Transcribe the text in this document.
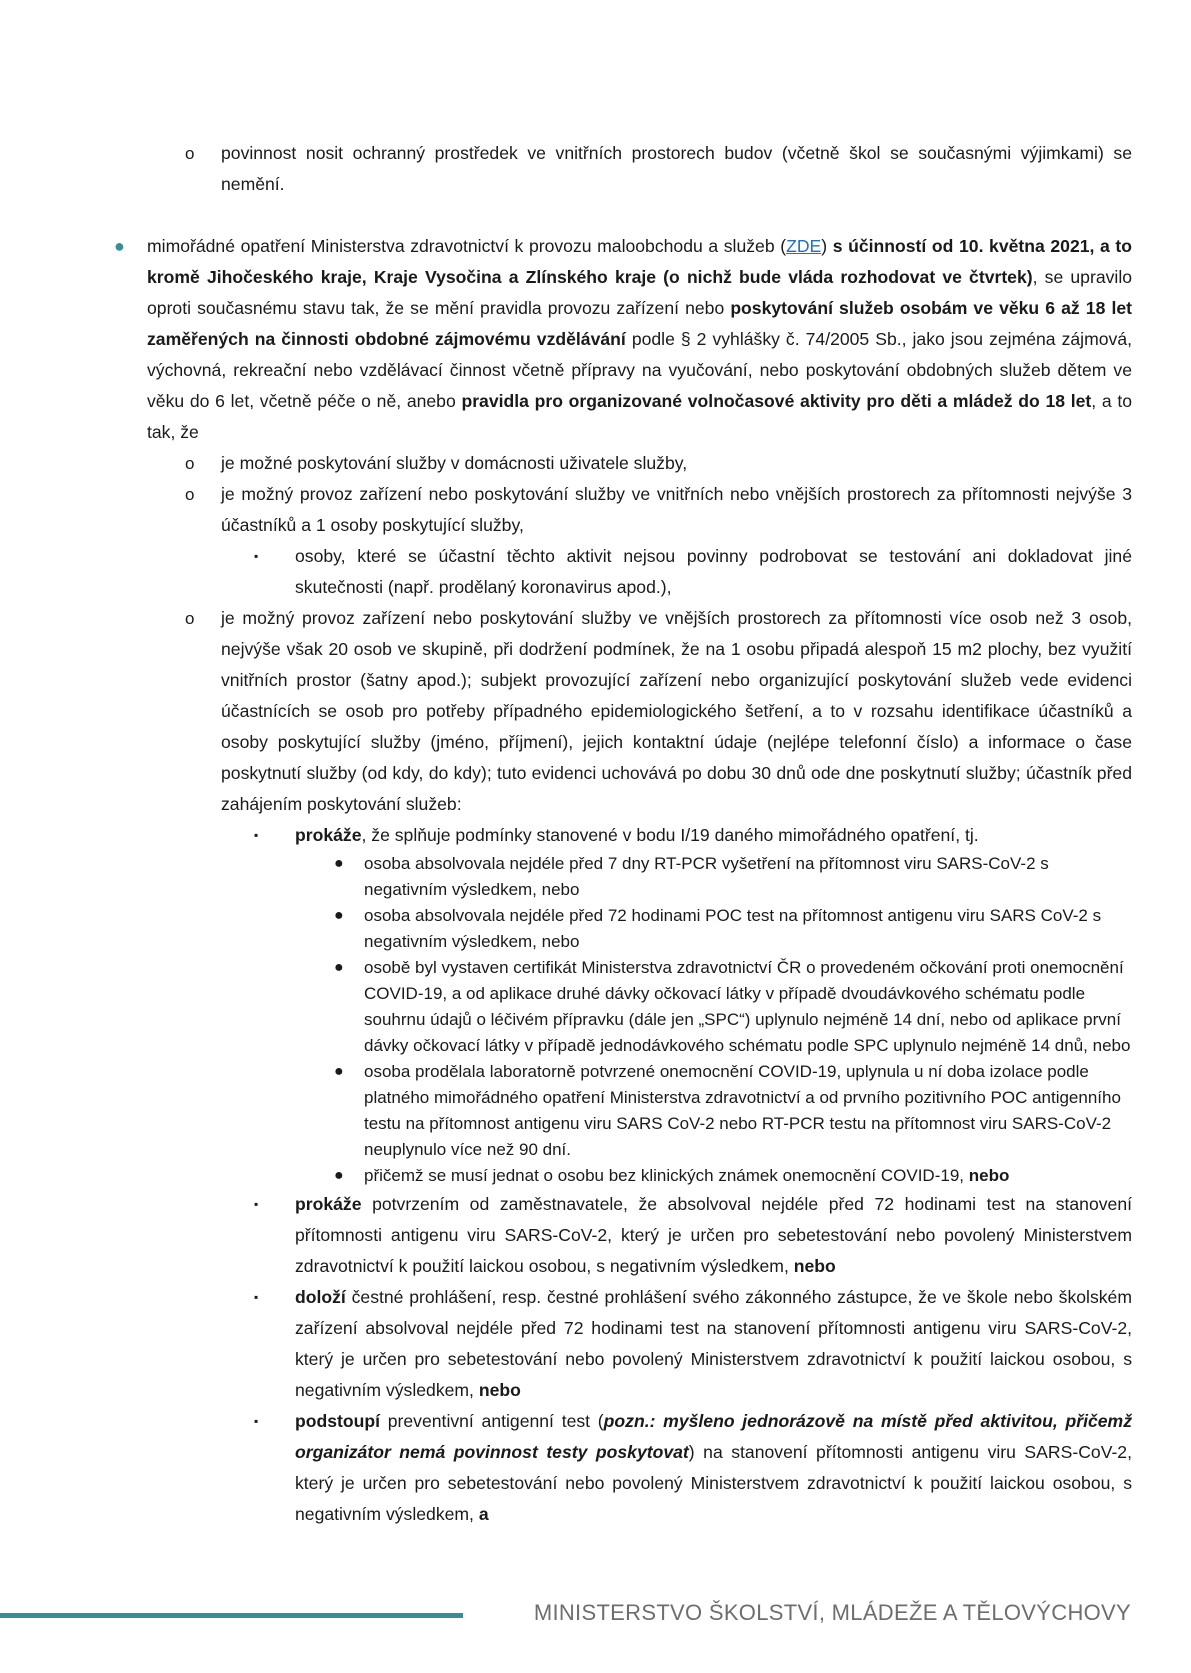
o povinnost nosit ochranný prostředek ve vnitřních prostorech budov (včetně škol se současnými výjimkami) se nemění.
● mimořádné opatření Ministerstva zdravotnictví k provozu maloobchodu a služeb (ZDE) s účinností od 10. května 2021, a to kromě Jihočeského kraje, Kraje Vysočina a Zlínského kraje (o nichž bude vláda rozhodovat ve čtvrtek), se upravilo oproti současnému stavu tak, že se mění pravidla provozu zařízení nebo poskytování služeb osobám ve věku 6 až 18 let zaměřených na činnosti obdobné zájmovému vzdělávání podle § 2 vyhlášky č. 74/2005 Sb., jako jsou zejména zájmová, výchovná, rekreační nebo vzdělávací činnost včetně přípravy na vyučování, nebo poskytování obdobných služeb dětem ve věku do 6 let, včetně péče o ně, anebo pravidla pro organizované volnočasové aktivity pro děti a mládež do 18 let, a to tak, že
o je možné poskytování služby v domácnosti uživatele služby,
o je možný provoz zařízení nebo poskytování služby ve vnitřních nebo vnějších prostorech za přítomnosti nejvýše 3 účastníků a 1 osoby poskytující služby,
▪ osoby, které se účastní těchto aktivit nejsou povinny podrobovat se testování ani dokladovat jiné skutečnosti (např. prodělaný koronavirus apod.),
o je možný provoz zařízení nebo poskytování služby ve vnějších prostorech za přítomnosti více osob než 3 osob, nejvýše však 20 osob ve skupině, při dodržení podmínek, že na 1 osobu připadá alespoň 15 m2 plochy, bez využití vnitřních prostor (šatny apod.); subjekt provozující zařízení nebo organizující poskytování služeb vede evidenci účastnících se osob pro potřeby případného epidemiologického šetření, a to v rozsahu identifikace účastníků a osoby poskytující služby (jméno, příjmení), jejich kontaktní údaje (nejlépe telefonní číslo) a informace o čase poskytnutí služby (od kdy, do kdy); tuto evidenci uchovává po dobu 30 dnů ode dne poskytnutí služby; účastník před zahájením poskytování služeb:
▪ prokáže, že splňuje podmínky stanovené v bodu I/19 daného mimořádného opatření, tj.
● osoba absolvovala nejdéle před 7 dny RT-PCR vyšetření na přítomnost viru SARS-CoV-2 s negativním výsledkem, nebo
● osoba absolvovala nejdéle před 72 hodinami POC test na přítomnost antigenu viru SARS CoV-2 s negativním výsledkem, nebo
● osobě byl vystaven certifikát Ministerstva zdravotnictví ČR o provedeném očkování proti onemocnění COVID-19, a od aplikace druhé dávky očkovací látky v případě dvoudávkového schématu podle souhrnu údajů o léčivém přípravku (dále jen „SPC“) uplynulo nejméně 14 dní, nebo od aplikace první dávky očkovací látky v případě jednodávkového schématu podle SPC uplynulo nejméně 14 dnů, nebo
● osoba prodělala laboratorně potvrzené onemocnění COVID-19, uplynula u ní doba izolace podle platného mimořádného opatření Ministerstva zdravotnictví a od prvního pozitivního POC antigenního testu na přítomnost antigenu viru SARS CoV-2 nebo RT-PCR testu na přítomnost viru SARS-CoV-2 neuplynulo více než 90 dní.
● přičemž se musí jednat o osobu bez klinických známek onemocnění COVID-19, nebo
▪ prokáže potvrzením od zaměstnavatele, že absolvoval nejdéle před 72 hodinami test na stanovení přítomnosti antigenu viru SARS-CoV-2, který je určen pro sebetestování nebo povolený Ministerstvem zdravotnictví k použití laickou osobou, s negativním výsledkem, nebo
▪ doloží čestné prohlášení, resp. čestné prohlášení svého zákonného zástupce, že ve škole nebo školském zařízení absolvoval nejdéle před 72 hodinami test na stanovení přítomnosti antigenu viru SARS-CoV-2, který je určen pro sebetestování nebo povolený Ministerstvem zdravotnictví k použití laickou osobou, s negativním výsledkem, nebo
▪ podstoupí preventivní antigenní test (pozn.: myšleno jednorázově na místě před aktivitou, přičemž organizátor nemá povinnost testy poskytovat) na stanovení přítomnosti antigenu viru SARS-CoV-2, který je určen pro sebetestování nebo povolený Ministerstvem zdravotnictví k použití laickou osobou, s negativním výsledkem, a
MINISTERSTVO ŠKOLSTVÍ, MLÁDEŽE A TĚLOVÝCHOVY
